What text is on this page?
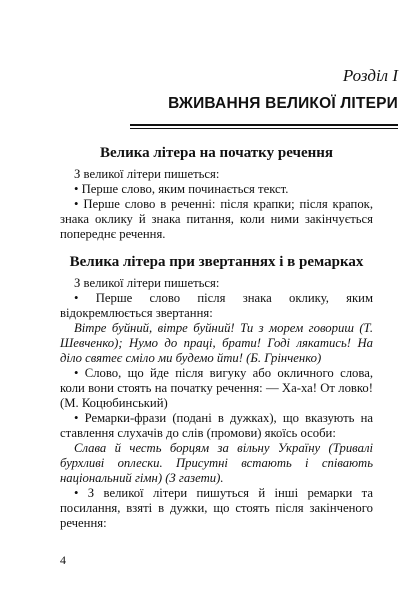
Розділ І
ВЖИВАННЯ ВЕЛИКОЇ ЛІТЕРИ
Велика літера на початку речення

З великої літери пишеться:

• Перше слово, яким починається текст.

• Перше слово в реченні: після крапки; після крапок, знака оклику й знака питання, коли ними закінчується попереднє речення.

Велика літера при звертаннях і в ремарках

З великої літери пишеться:

• Перше слово після знака оклику, яким відокремлюється звертання:

Вітре буйний, вітре буйний! Ти з морем говориш (Т. Шевченко); Нумо до праці, брати! Годі лякатись! На діло святеє сміло ми будемо йти! (Б. Грінченко)

• Слово, що йде після вигуку або окличного слова, коли вони стоять на початку речення: — Ха-ха! От ловко! (М. Коцюбинський)

• Ремарки-фрази (подані в дужках), що вказують на ставлення слухачів до слів (промови) якоїсь особи:

Слава й честь борцям за вільну Україну (Тривалі бурхливі оплески. Присутні встають і співають національний гімн) (З газети).

• З великої літери пишуться й інші ремарки та посилання, взяті в дужки, що стоять після закінченого речення:

4
